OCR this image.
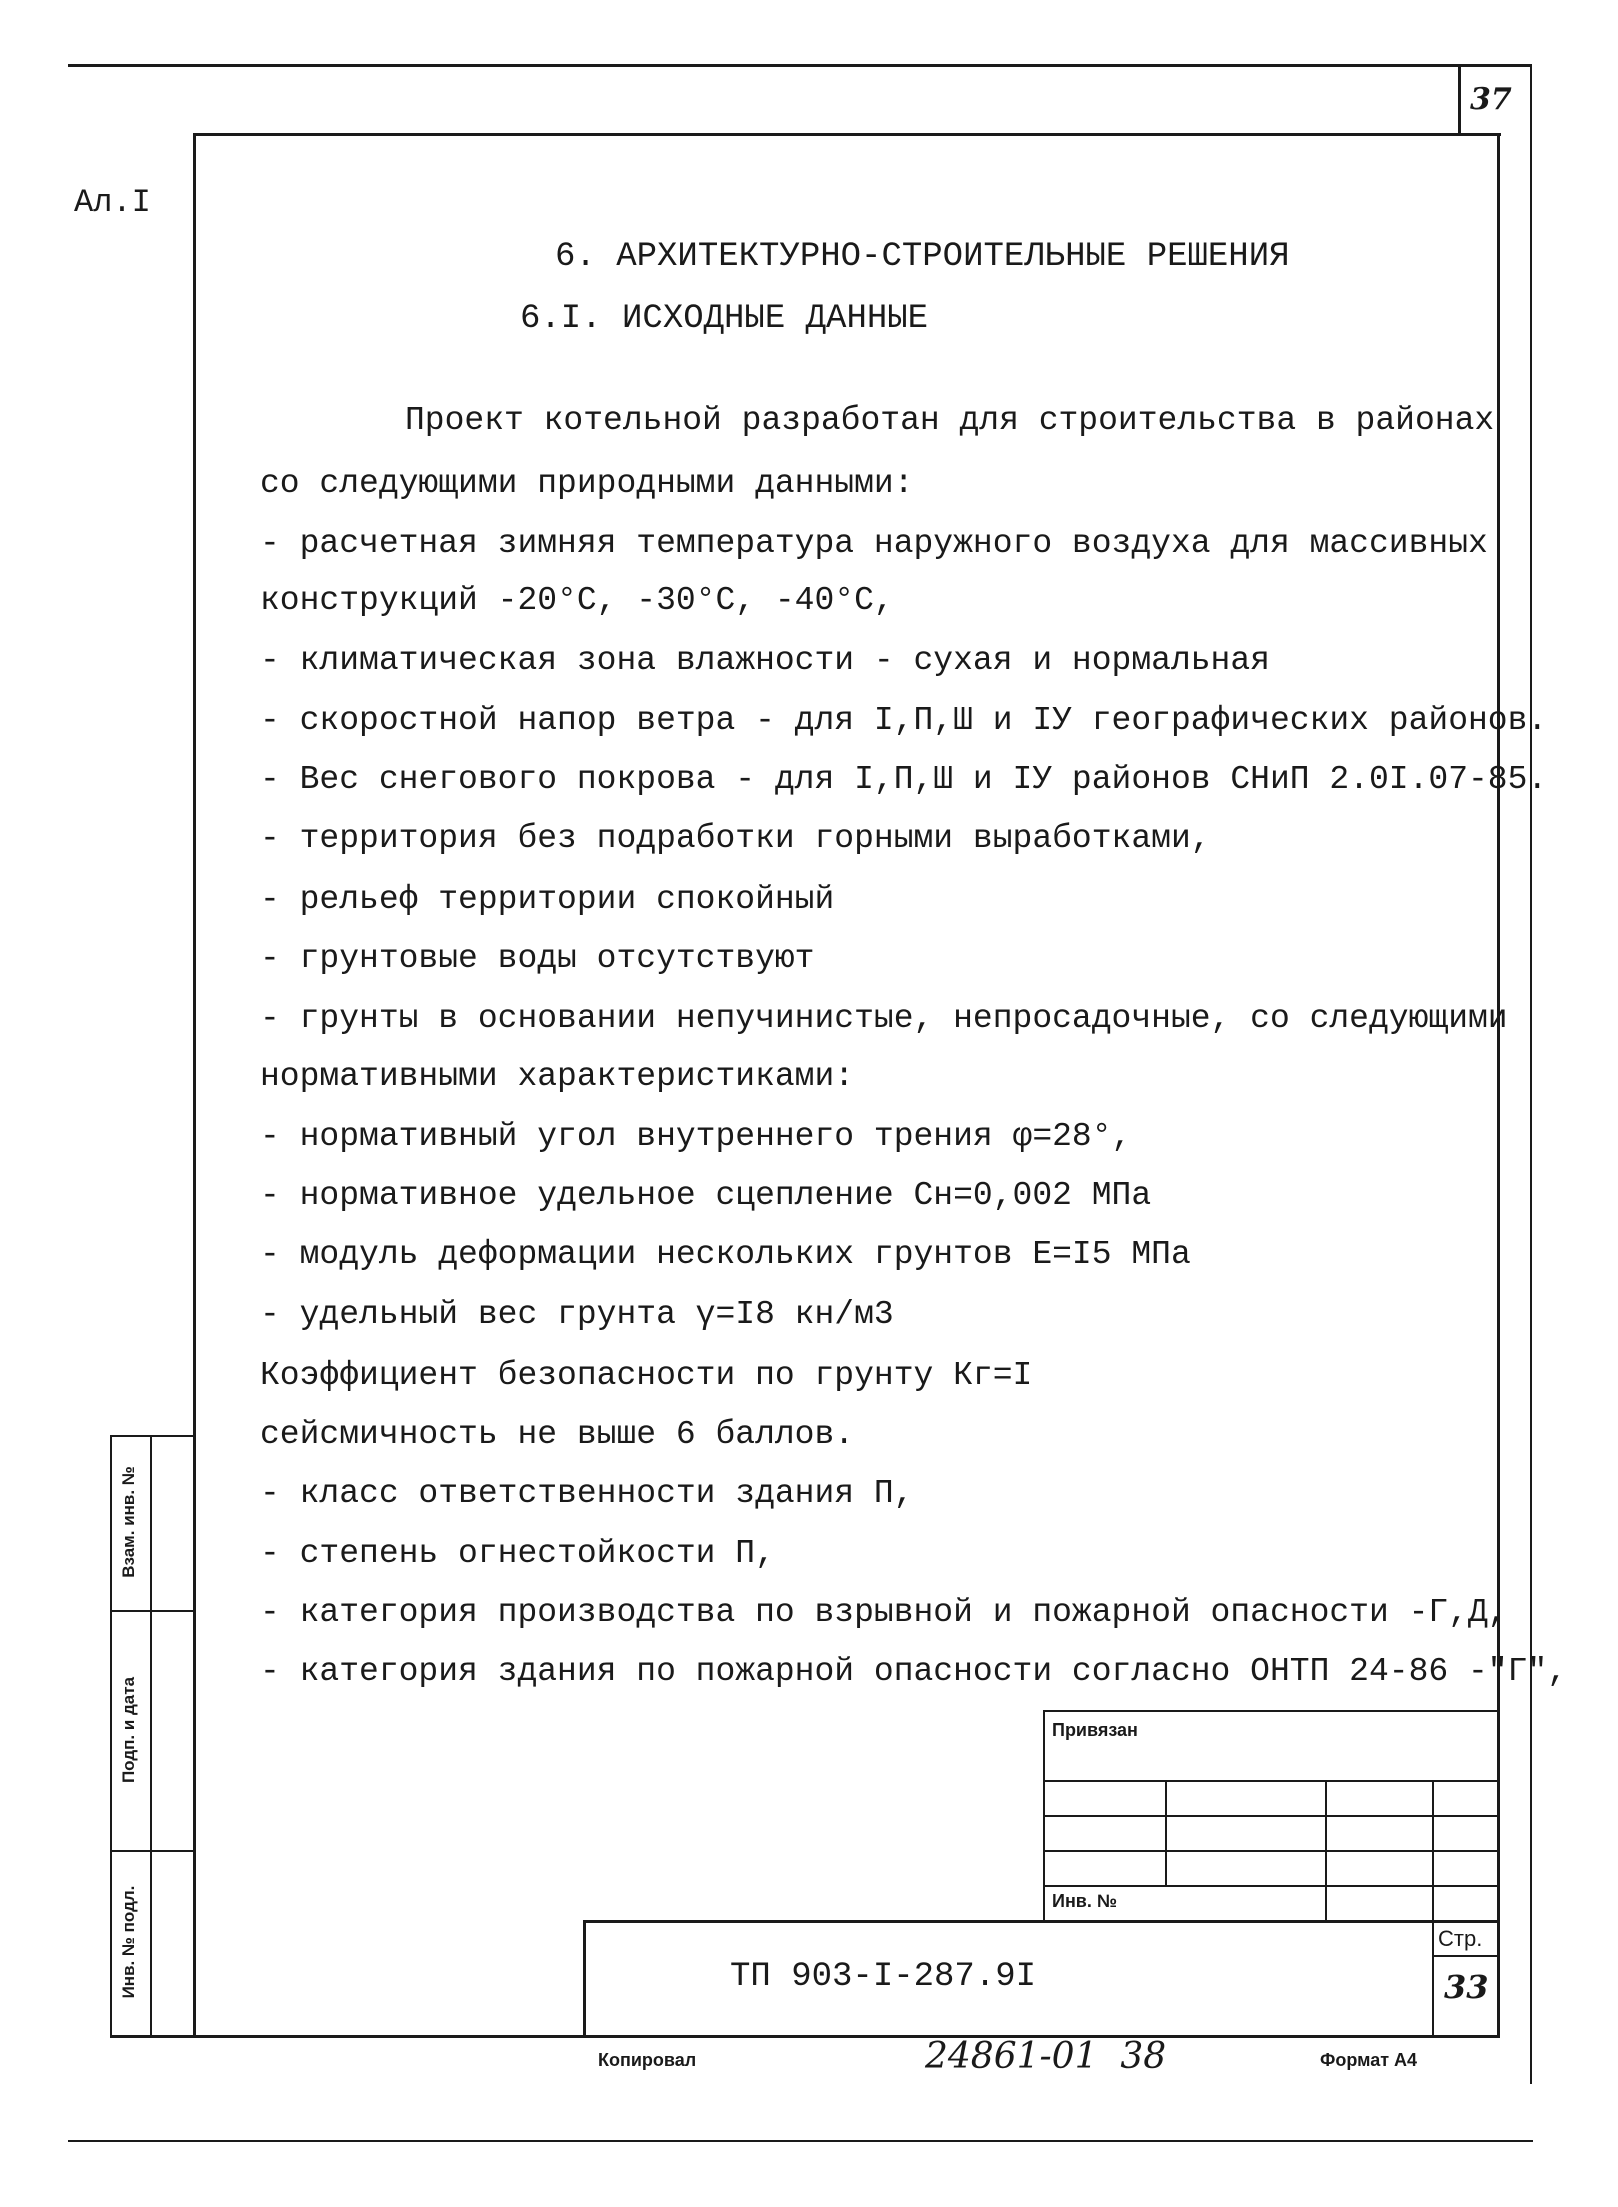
37
Ал.I
6. АРХИТЕКТУРНО-СТРОИТЕЛЬНЫЕ РЕШЕНИЯ
6.I. ИСХОДНЫЕ ДАННЫЕ
Проект котельной разработан для строительства в районах
со следующими природными данными:
- расчетная зимняя температура наружного воздуха для массивных
конструкций -20°С, -30°С, -40°С,
- климатическая зона влажности - сухая и нормальная
- скоростной напор ветра - для I,П,Ш и IУ географических районов.
- Вес снегового покрова - для I,П,Ш и IУ районов СНиП 2.0I.07-85.
- территория без подработки горными выработками,
- рельеф территории спокойный
- грунтовые воды отсутствуют
- грунты в основании непучинистые, непросадочные, со следующими
нормативными характеристиками:
- нормативный угол внутреннего трения φ=28°,
- нормативное удельное сцепление Сн=0,002 МПа
- модуль деформации нескольких грунтов Е=I5 МПа
- удельный вес грунта γ=I8 кн/м3
Коэффициент безопасности по грунту Кг=I
сейсмичность не выше 6 баллов.
- класс ответственности здания П,
- степень огнестойкости П,
- категория производства по взрывной и пожарной опасности -Г,Д,
- категория здания по пожарной опасности согласно ОНТП 24-86 -"Г",
Взам. инв. №
Подп. и дата
Инв. № подл.
Привязан
Инв. №
ТП 903-I-287.9I
Стр.
33
Копировал	24861-01  38	Формат А4
